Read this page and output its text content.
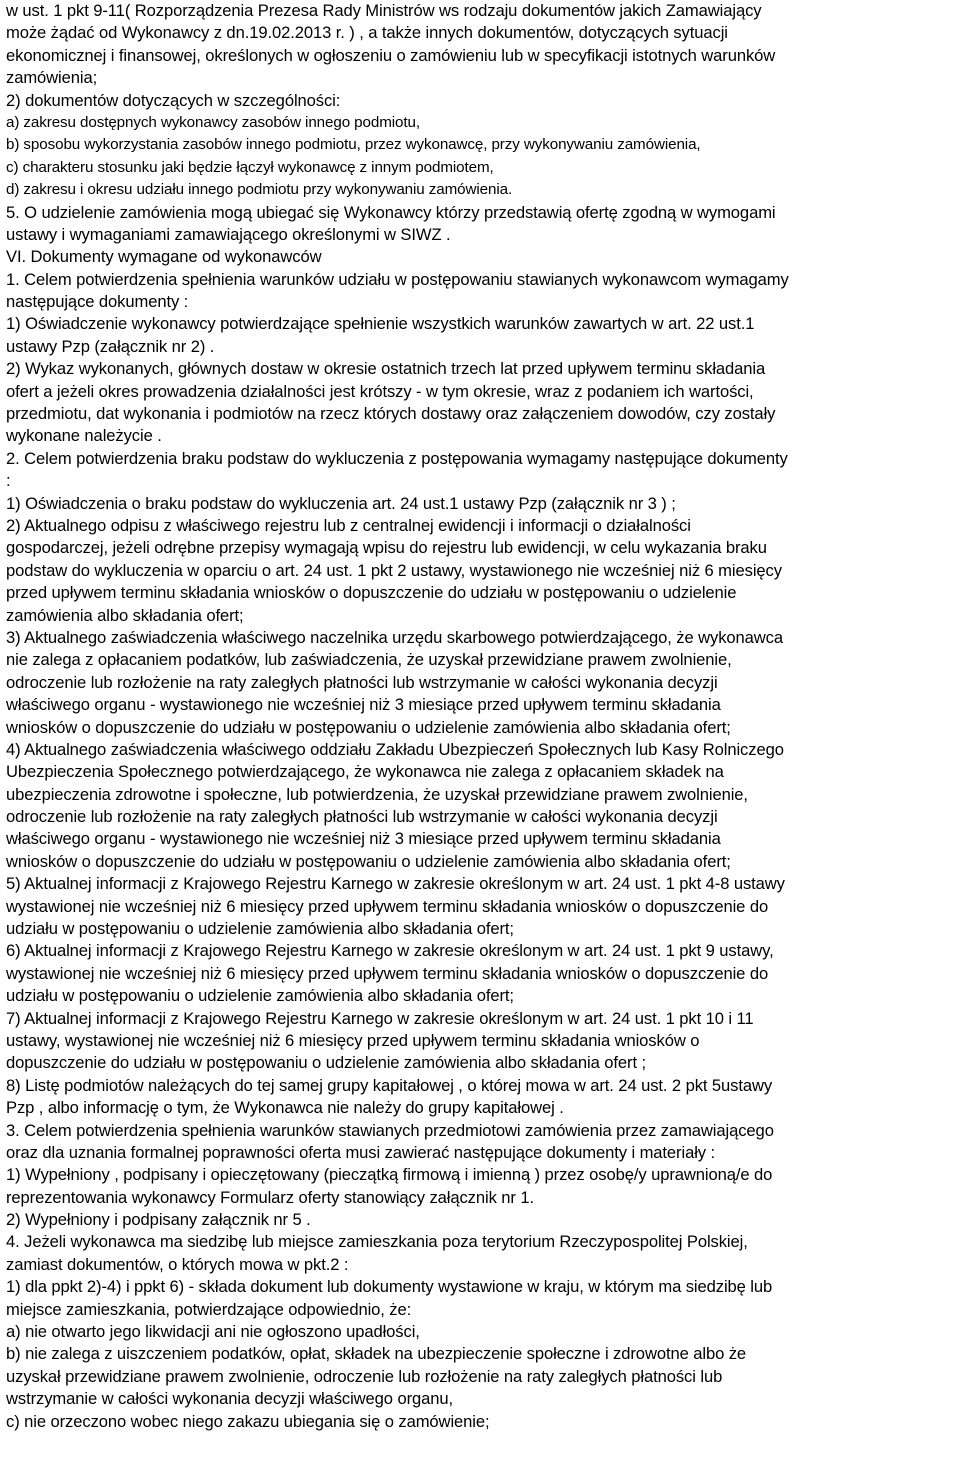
w ust. 1 pkt 9-11( Rozporządzenia Prezesa Rady Ministrów ws rodzaju dokumentów jakich Zamawiający
może żądać od Wykonawcy z dn.19.02.2013 r. ) , a także innych dokumentów, dotyczących sytuacji
ekonomicznej i finansowej, określonych w ogłoszeniu o zamówieniu lub w specyfikacji istotnych warunków
zamówienia;
2) dokumentów dotyczących w szczególności:
a) zakresu dostępnych wykonawcy zasobów innego podmiotu,
b) sposobu wykorzystania zasobów innego podmiotu, przez wykonawcę, przy wykonywaniu zamówienia,
c) charakteru stosunku jaki będzie łączył wykonawcę z innym podmiotem,
d) zakresu i okresu udziału innego podmiotu przy wykonywaniu zamówienia.
5. O udzielenie zamówienia mogą ubiegać się Wykonawcy którzy przedstawią ofertę zgodną w wymogami
ustawy i wymaganiami zamawiającego określonymi w SIWZ .
VI. Dokumenty wymagane od wykonawców
1. Celem potwierdzenia spełnienia warunków udziału w postępowaniu stawianych wykonawcom wymagamy
następujące dokumenty :
1) Oświadczenie wykonawcy potwierdzające spełnienie wszystkich warunków zawartych w art. 22 ust.1
ustawy Pzp (załącznik nr 2) .
2) Wykaz wykonanych, głównych dostaw w okresie ostatnich trzech lat przed upływem terminu składania
ofert a jeżeli okres prowadzenia działalności jest krótszy - w tym okresie, wraz z podaniem ich wartości,
przedmiotu, dat wykonania i podmiotów na rzecz których dostawy oraz załączeniem dowodów, czy zostały
wykonane należycie .
2. Celem potwierdzenia braku podstaw do wykluczenia z postępowania wymagamy następujące dokumenty
:
1) Oświadczenia o braku podstaw do wykluczenia art. 24 ust.1 ustawy Pzp (załącznik nr 3 ) ;
2) Aktualnego odpisu z właściwego rejestru lub z centralnej ewidencji i informacji o działalności
gospodarczej, jeżeli odrębne przepisy wymagają wpisu do rejestru lub ewidencji, w celu wykazania braku
podstaw do wykluczenia w oparciu o art. 24 ust. 1 pkt 2 ustawy, wystawionego nie wcześniej niż 6 miesięcy
przed upływem terminu składania wniosków o dopuszczenie do udziału w postępowaniu o udzielenie
zamówienia albo składania ofert;
3) Aktualnego zaświadczenia właściwego naczelnika urzędu skarbowego potwierdzającego, że wykonawca
nie zalega z opłacaniem podatków, lub zaświadczenia, że uzyskał przewidziane prawem zwolnienie,
odroczenie lub rozłożenie na raty zaległych płatności lub wstrzymanie w całości wykonania decyzji
właściwego organu - wystawionego nie wcześniej niż 3 miesiące przed upływem terminu składania
wniosków o dopuszczenie do udziału w postępowaniu o udzielenie zamówienia albo składania ofert;
4) Aktualnego zaświadczenia właściwego oddziału Zakładu Ubezpieczeń Społecznych lub Kasy Rolniczego
Ubezpieczenia Społecznego potwierdzającego, że wykonawca nie zalega z opłacaniem składek na
ubezpieczenia zdrowotne i społeczne, lub potwierdzenia, że uzyskał przewidziane prawem zwolnienie,
odroczenie lub rozłożenie na raty zaległych płatności lub wstrzymanie w całości wykonania decyzji
właściwego organu - wystawionego nie wcześniej niż 3 miesiące przed upływem terminu składania
wniosków o dopuszczenie do udziału w postępowaniu o udzielenie zamówienia albo składania ofert;
5) Aktualnej informacji z Krajowego Rejestru Karnego w zakresie określonym w art. 24 ust. 1 pkt 4-8 ustawy
wystawionej nie wcześniej niż 6 miesięcy przed upływem terminu składania wniosków o dopuszczenie do
udziału w postępowaniu o udzielenie zamówienia albo składania ofert;
6) Aktualnej informacji z Krajowego Rejestru Karnego w zakresie określonym w art. 24 ust. 1 pkt 9 ustawy,
wystawionej nie wcześniej niż 6 miesięcy przed upływem terminu składania wniosków o dopuszczenie do
udziału w postępowaniu o udzielenie zamówienia albo składania ofert;
7) Aktualnej informacji z Krajowego Rejestru Karnego w zakresie określonym w art. 24 ust. 1 pkt 10 i 11
ustawy, wystawionej nie wcześniej niż 6 miesięcy przed upływem terminu składania wniosków o
dopuszczenie do udziału w postępowaniu o udzielenie zamówienia albo składania ofert ;
8) Listę podmiotów należących do tej samej grupy kapitałowej , o której mowa w art. 24 ust. 2 pkt 5ustawy
Pzp , albo informację o tym, że Wykonawca nie należy do grupy kapitałowej .
3. Celem potwierdzenia spełnienia warunków stawianych przedmiotowi zamówienia przez zamawiającego
oraz dla uznania formalnej poprawności oferta musi zawierać następujące dokumenty i materiały :
1) Wypełniony , podpisany i opieczętowany (pieczątką firmową i imienną ) przez osobę/y uprawnioną/e do
reprezentowania wykonawcy Formularz oferty stanowiący załącznik nr 1.
2) Wypełniony i podpisany załącznik nr 5 .
4. Jeżeli wykonawca ma siedzibę lub miejsce zamieszkania poza terytorium Rzeczypospolitej Polskiej,
zamiast dokumentów, o których mowa w pkt.2 :
1) dla ppkt 2)-4) i ppkt 6) - składa dokument lub dokumenty wystawione w kraju, w którym ma siedzibę lub
miejsce zamieszkania, potwierdzające odpowiednio, że:
a) nie otwarto jego likwidacji ani nie ogłoszono upadłości,
b) nie zalega z uiszczeniem podatków, opłat, składek na ubezpieczenie społeczne i zdrowotne albo że
uzyskał przewidziane prawem zwolnienie, odroczenie lub rozłożenie na raty zaległych płatności lub
wstrzymanie w całości wykonania decyzji właściwego organu,
c) nie orzeczono wobec niego zakazu ubiegania się o zamówienie;
